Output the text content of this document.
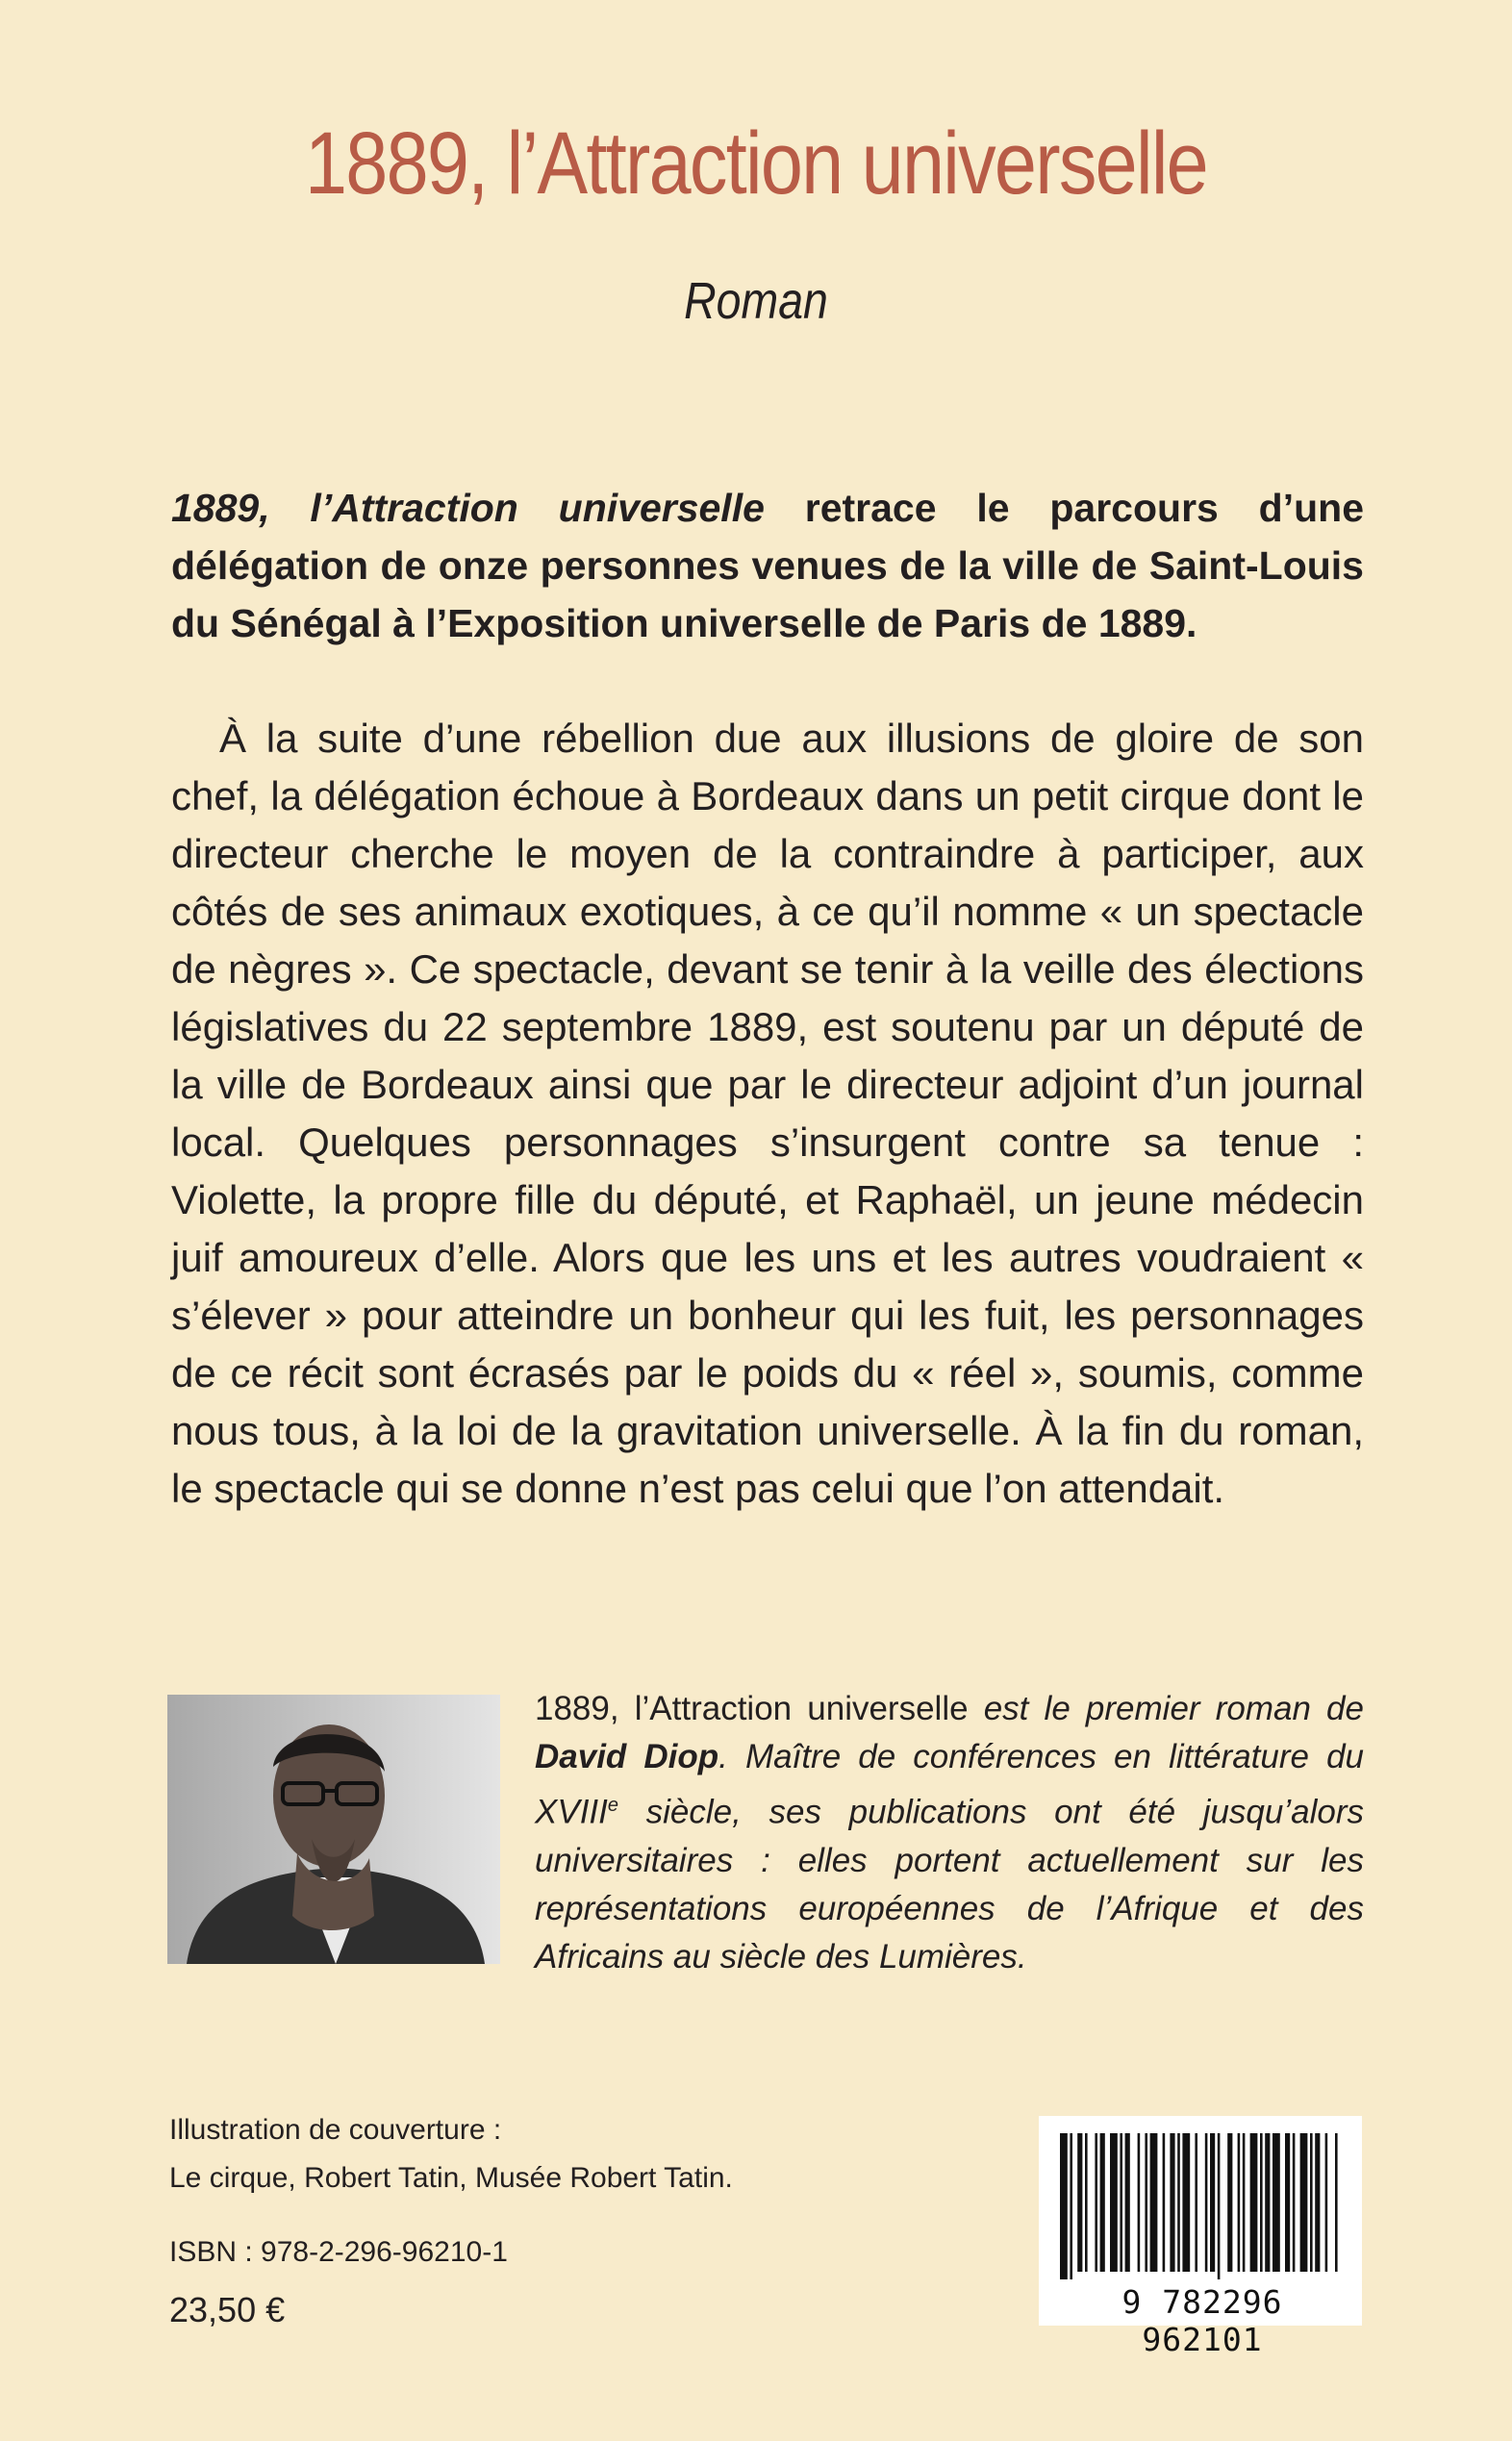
1889, l’Attraction universelle
Roman
1889, l’Attraction universelle retrace le parcours d’une délégation de onze personnes venues de la ville de Saint-Louis du Sénégal à l’Exposition universelle de Paris de 1889.

À la suite d’une rébellion due aux illusions de gloire de son chef, la délégation échoue à Bordeaux dans un petit cirque dont le directeur cherche le moyen de la contraindre à participer, aux côtés de ses animaux exotiques, à ce qu’il nomme « un spectacle de nègres ». Ce spectacle, devant se tenir à la veille des élections législatives du 22 septembre 1889, est soutenu par un député de la ville de Bordeaux ainsi que par le directeur adjoint d’un journal local. Quelques personnages s’insurgent contre sa tenue : Violette, la propre fille du député, et Raphaël, un jeune médecin juif amoureux d’elle. Alors que les uns et les autres voudraient « s’élever » pour atteindre un bonheur qui les fuit, les personnages de ce récit sont écrasés par le poids du « réel », soumis, comme nous tous, à la loi de la gravitation universelle. À la fin du roman, le spectacle qui se donne n’est pas celui que l’on attendait.

1889, l’Attraction universelle est le premier roman de David Diop. Maître de conférences en littérature du XVIIIe siècle, ses publications ont été jusqu’alors universitaires : elles portent actuellement sur les représentations européennes de l’Afrique et des Africains au siècle des Lumières.
Illustration de couverture :
Le cirque, Robert Tatin, Musée Robert Tatin.
ISBN : 978-2-296-96210-1
23,50 €	9 782296 962101
